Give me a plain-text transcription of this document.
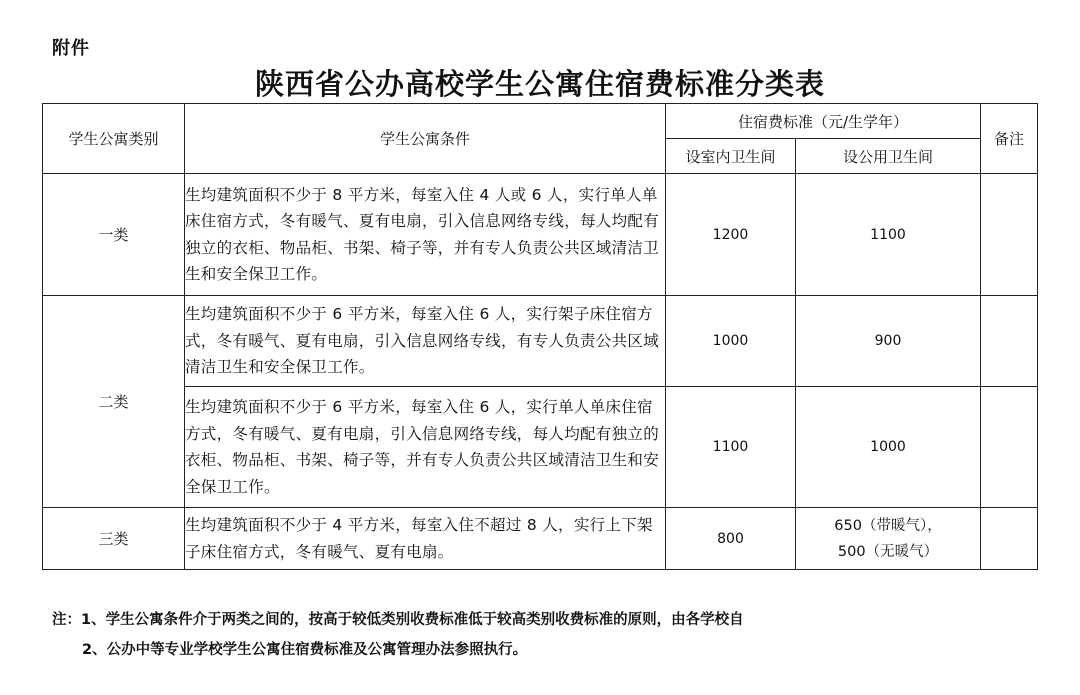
附件
陕西省公办高校学生公寓住宿费标准分类表
学生公寓类别	学生公寓条件	住宿费标准（元/生学年）		备注
		设室内卫生间	设公用卫生间	
一类	生均建筑面积不少于 8 平方米，每室入住 4 人或 6 人，实行单人单床住宿方式，冬有暖气、夏有电扇，引入信息网络专线，每人均配有独立的衣柜、物品柜、书架、椅子等，并有专人负责公共区域清洁卫生和安全保卫工作。	1200	1100	
二类	生均建筑面积不少于 6 平方米，每室入住 6 人，实行架子床住宿方式，冬有暖气、夏有电扇，引入信息网络专线，有专人负责公共区域清洁卫生和安全保卫工作。	1000	900	
	生均建筑面积不少于 6 平方米，每室入住 6 人，实行单人单床住宿方式，冬有暖气、夏有电扇，引入信息网络专线，每人均配有独立的衣柜、物品柜、书架、椅子等，并有专人负责公共区域清洁卫生和安全保卫工作。	1100	1000	
三类	生均建筑面积不少于 4 平方米，每室入住不超过 8 人，实行上下架子床住宿方式，冬有暖气、夏有电扇。	800	650（带暖气），
500（无暖气）	

注：1、学生公寓条件介于两类之间的，按高于较低类别收费标准低于较高类别收费标准的原则，由各学校自
2、公办中等专业学校学生公寓住宿费标准及公寓管理办法参照执行。
